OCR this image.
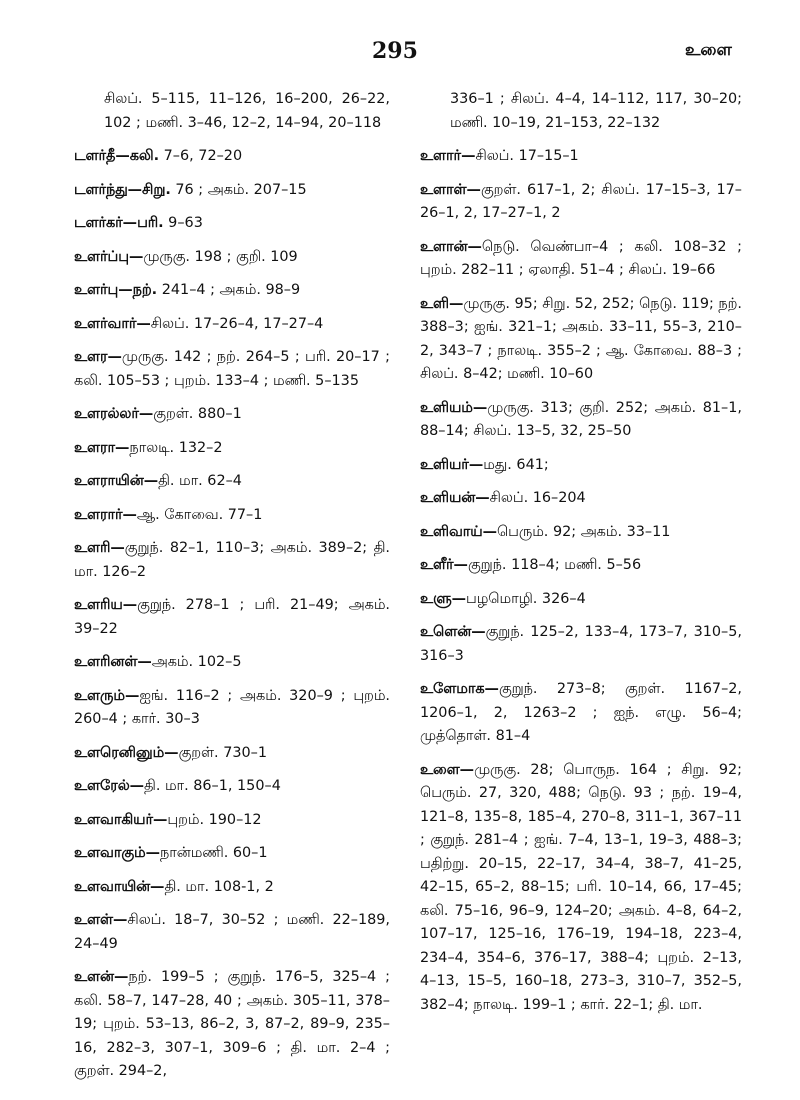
295	உளை

சிலப். 5–115, 11–126, 16–200, 26–22, 102 ; மணி. 3–46, 12–2, 14–94, 20–118

டளர்தீ—கலி. 7–6, 72–20

டளர்ந்து—சிறு. 76 ; அகம். 207–15

டளர்கர்—பரி. 9–63

உளர்ப்பு—முருகு. 198 ; குறி. 109

உளர்பு—நற். 241–4 ; அகம். 98–9

உளர்வார்—சிலப். 17–26–4, 17–27–4

உளர—முருகு. 142 ; நற். 264–5 ; பரி. 20–17 ; கலி. 105–53 ; புறம். 133–4 ; மணி. 5–135

உளரல்லர்—குறள். 880–1

உளரா—நாலடி. 132–2

உளராயின்—தி. மா. 62–4

உளரார்—ஆ. கோவை. 77–1

உளரி—குறுந். 82–1, 110–3; அகம். 389–2; தி. மா. 126–2

உளரிய—குறுந். 278–1 ; பரி. 21–49; அகம். 39–22

உளரினள்—அகம். 102–5

உளரும்—ஐங். 116–2 ; அகம். 320–9 ; புறம். 260–4 ; கார். 30–3

உளரெனினும்—குறள். 730–1

உளரேல்—தி. மா. 86–1, 150–4

உளவாகியர்—புறம். 190–12

உளவாகும்—நான்மணி. 60–1

உளவாயின்—தி. மா. 108-1, 2

உளள்—சிலப். 18–7, 30–52 ; மணி. 22–189, 24–49

உளன்—நற். 199–5 ; குறுந். 176–5, 325–4 ; கலி. 58–7, 147–28, 40 ; அகம். 305–11, 378–19; புறம். 53–13, 86–2, 3, 87–2, 89–9, 235–16, 282–3, 307–1, 309–6 ; தி. மா. 2–4 ; குறள். 294–2,

336–1 ; சிலப். 4–4, 14–112, 117, 30–20; மணி. 10–19, 21–153, 22–132

உளார்—சிலப். 17–15–1

உளாள்—குறள். 617–1, 2; சிலப். 17–15–3, 17–26–1, 2, 17–27–1, 2

உளான்—நெடு. வெண்பா–4 ; கலி. 108–32 ; புறம். 282–11 ; ஏலாதி. 51–4 ; சிலப். 19–66

உளி—முருகு. 95; சிறு. 52, 252; நெடு. 119; நற். 388–3; ஐங். 321–1; அகம். 33–11, 55–3, 210–2, 343–7 ; நாலடி. 355–2 ; ஆ. கோவை. 88–3 ; சிலப். 8–42; மணி. 10–60

உளியம்—முருகு. 313; குறி. 252; அகம். 81–1, 88–14; சிலப். 13–5, 32, 25–50

உளியர்—மது. 641;

உளியன்—சிலப். 16–204

உளிவாய்—பெரும். 92; அகம். 33–11

உளீர்—குறுந். 118–4; மணி. 5–56

உளு—பழமொழி. 326–4

உளென்—குறுந். 125–2, 133–4, 173–7, 310–5, 316–3

உளேமாக—குறுந். 273–8; குறள். 1167–2, 1206–1, 2, 1263–2 ; ஐந். எழு. 56–4; முத்தொள். 81–4

உளை—முருகு. 28; பொருந. 164 ; சிறு. 92; பெரும். 27, 320, 488; நெடு. 93 ; நற். 19–4, 121–8, 135–8, 185–4, 270–8, 311–1, 367–11 ; குறுந். 281–4 ; ஐங். 7–4, 13–1, 19–3, 488–3; பதிற்று. 20–15, 22–17, 34–4, 38–7, 41–25, 42–15, 65–2, 88–15; பரி. 10–14, 66, 17–45; கலி. 75–16, 96–9, 124–20; அகம். 4–8, 64–2, 107–17, 125–16, 176–19, 194–18, 223–4, 234–4, 354–6, 376–17, 388–4; புறம். 2–13, 4–13, 15–5, 160–18, 273–3, 310–7, 352–5, 382–4; நாலடி. 199–1 ; கார். 22–1; தி. மா.
